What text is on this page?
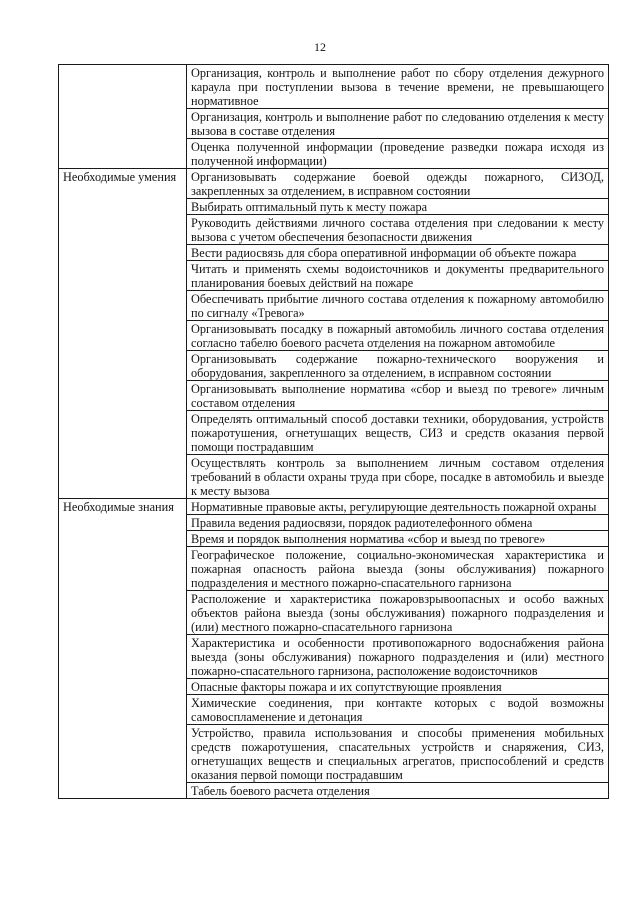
12
	Организация, контроль и выполнение работ по сбору отделения дежурного караула при поступлении вызова в течение времени, не превышающего нормативное
	Организация, контроль и выполнение работ по следованию отделения к месту вызова в составе отделения
	Оценка полученной информации (проведение разведки пожара исходя из полученной информации)
Необходимые умения	Организовывать содержание боевой одежды пожарного, СИЗОД, закрепленных за отделением, в исправном состоянии
	Выбирать оптимальный путь к месту пожара
	Руководить действиями личного состава отделения при следовании к месту вызова с учетом обеспечения безопасности движения
	Вести радиосвязь для сбора оперативной информации об объекте пожара
	Читать и применять схемы водоисточников и документы предварительного планирования боевых действий на пожаре
	Обеспечивать прибытие личного состава отделения к пожарному автомобилю по сигналу «Тревога»
	Организовывать посадку в пожарный автомобиль личного состава отделения согласно табелю боевого расчета отделения на пожарном автомобиле
	Организовывать содержание пожарно-технического вооружения и оборудования, закрепленного за отделением, в исправном состоянии
	Организовывать выполнение норматива «сбор и выезд по тревоге» личным составом отделения
	Определять оптимальный способ доставки техники, оборудования, устройств пожаротушения, огнетушащих веществ, СИЗ и средств оказания первой помощи пострадавшим
	Осуществлять контроль за выполнением личным составом отделения требований в области охраны труда при сборе, посадке в автомобиль и выезде к месту вызова
Необходимые знания	Нормативные правовые акты, регулирующие деятельность пожарной охраны
	Правила ведения радиосвязи, порядок радиотелефонного обмена
	Время и порядок выполнения норматива «сбор и выезд по тревоге»
	Географическое положение, социально-экономическая характеристика и пожарная опасность района выезда (зоны обслуживания) пожарного подразделения и местного пожарно-спасательного гарнизона
	Расположение и характеристика пожаровзрывоопасных и особо важных объектов района выезда (зоны обслуживания) пожарного подразделения и (или) местного пожарно-спасательного гарнизона
	Характеристика и особенности противопожарного водоснабжения района выезда (зоны обслуживания) пожарного подразделения и (или) местного пожарно-спасательного гарнизона, расположение водоисточников
	Опасные факторы пожара и их сопутствующие проявления
	Химические соединения, при контакте которых с водой возможны самовоспламенение и детонация
	Устройство, правила использования и способы применения мобильных средств пожаротушения, спасательных устройств и снаряжения, СИЗ, огнетушащих веществ и специальных агрегатов, приспособлений и средств оказания первой помощи пострадавшим
	Табель боевого расчета отделения
